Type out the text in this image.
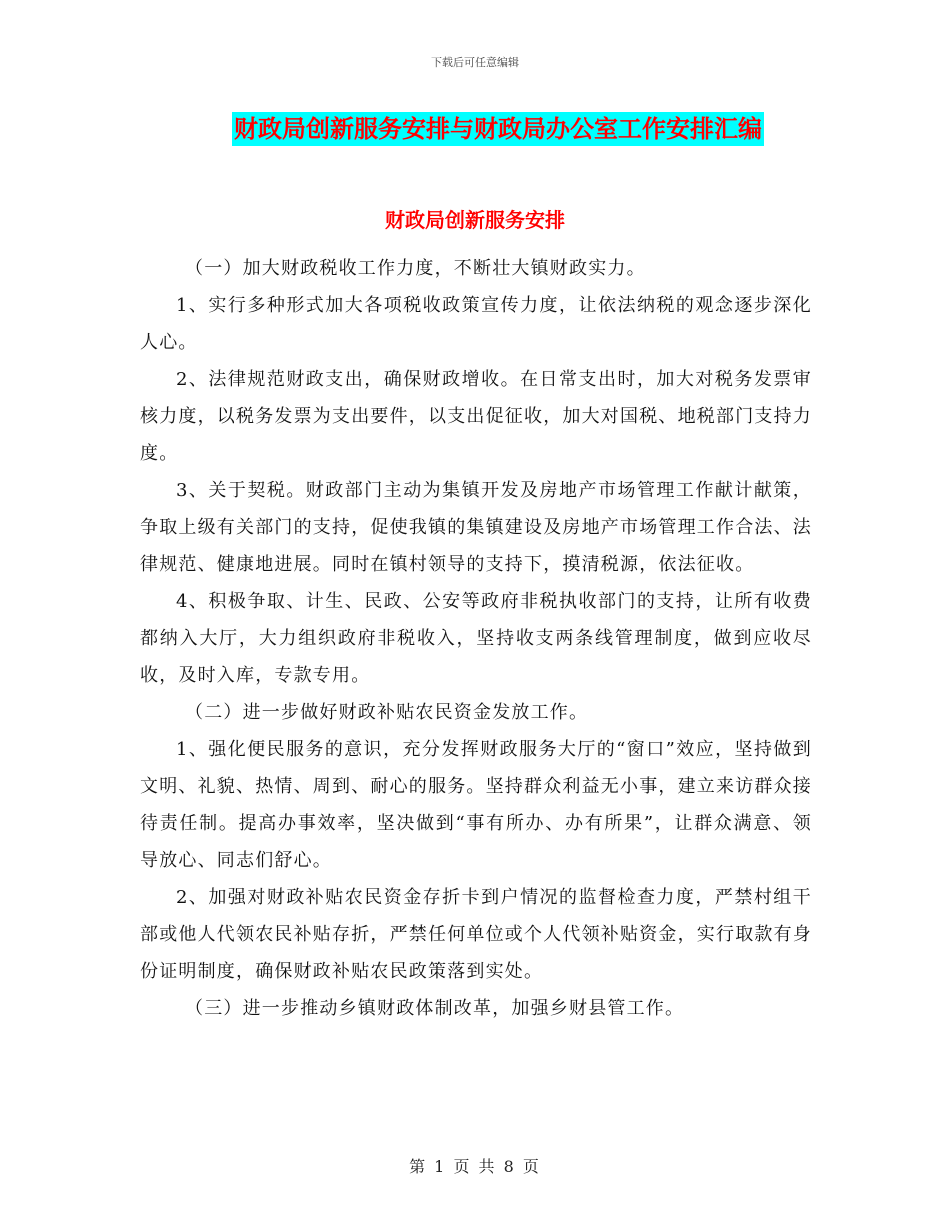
下载后可任意编辑
财政局创新服务安排与财政局办公室工作安排汇编
财政局创新服务安排

（一）加大财政税收工作力度，不断壮大镇财政实力。

1、实行多种形式加大各项税收政策宣传力度，让依法纳税的观念逐步深化人心。

2、法律规范财政支出，确保财政增收。在日常支出时，加大对税务发票审核力度，以税务发票为支出要件，以支出促征收，加大对国税、地税部门支持力度。

3、关于契税。财政部门主动为集镇开发及房地产市场管理工作献计献策，争取上级有关部门的支持，促使我镇的集镇建设及房地产市场管理工作合法、法律规范、健康地进展。同时在镇村领导的支持下，摸清税源，依法征收。

4、积极争取、计生、民政、公安等政府非税执收部门的支持，让所有收费都纳入大厅，大力组织政府非税收入，坚持收支两条线管理制度，做到应收尽收，及时入库，专款专用。

（二）进一步做好财政补贴农民资金发放工作。

1、强化便民服务的意识，充分发挥财政服务大厅的“窗口”效应，坚持做到文明、礼貌、热情、周到、耐心的服务。坚持群众利益无小事，建立来访群众接待责任制。提高办事效率，坚决做到“事有所办、办有所果”，让群众满意、领导放心、同志们舒心。

2、加强对财政补贴农民资金存折卡到户情况的监督检查力度，严禁村组干部或他人代领农民补贴存折，严禁任何单位或个人代领补贴资金，实行取款有身份证明制度，确保财政补贴农民政策落到实处。

（三）进一步推动乡镇财政体制改革，加强乡财县管工作。

第 1 页 共 8 页
